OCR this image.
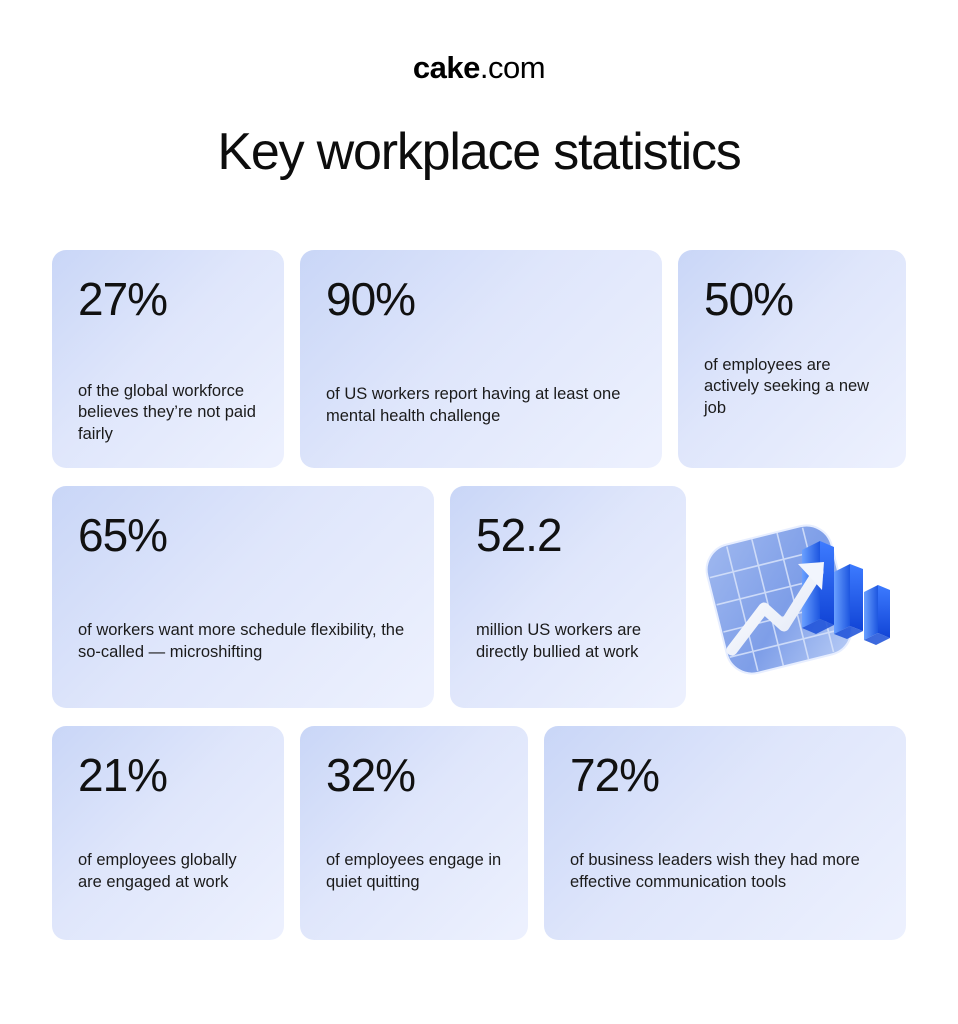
cake.com
Key workplace statistics
27%
of the global workforce believes they’re not paid fairly
90%
of US workers report having at least one mental health challenge
50%
of employees are actively seeking a new job
65%
of workers want more schedule flexibility, the so-called — microshifting
52.2
million US workers are directly bullied at work
21%
of employees globally are engaged at work
32%
of employees engage in quiet quitting
72%
of business leaders wish they had more effective communication tools
